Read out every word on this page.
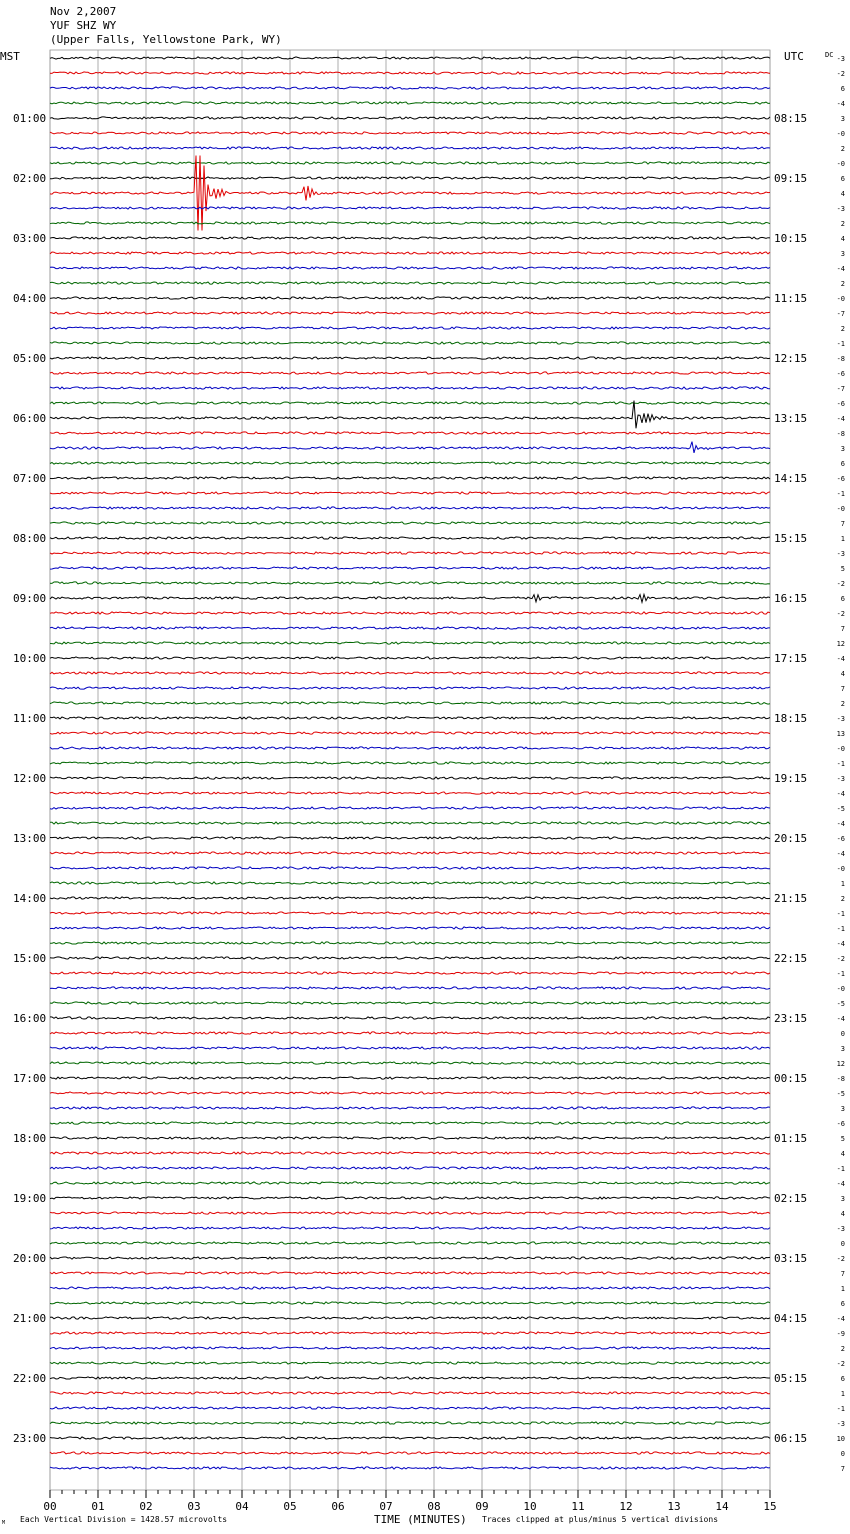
Nov 2,2007
YUF SHZ WY
(Upper Falls, Yellowstone Park, WY)
01:00
02:00
03:00
04:00
05:00
06:00
07:00
08:00
09:00
10:00
11:00
12:00
13:00
14:00
15:00
16:00
17:00
18:00
19:00
20:00
21:00
22:00
23:00
08:15
09:15
10:15
11:15
12:15
13:15
14:15
15:15
16:15
17:15
18:15
19:15
20:15
21:15
22:15
23:15
00:15
01:15
02:15
03:15
04:15
05:15
06:15
-3
-2
6
-4
3
-0
2
-0
6
4
-3
2
4
3
-4
2
-0
-7
2
-1
-8
-6
-7
-6
-4
-8
3
6
-6
-1
-0
7
1
-3
5
-2
6
-2
7
12
-4
4
7
2
-3
13
-0
-1
-3
-4
-5
-4
-6
-4
-0
1
2
-1
-1
-4
-2
-1
-0
-5
-4
0
3
12
-8
-5
3
-6
5
4
-1
-4
3
4
-3
0
-2
7
1
6
-4
-9
2
-2
6
1
-1
-3
10
0
7
00	01	02	03	04	05	06	07	08	09	10	11	12	13	14	15
MST	UTC	DC
M	TIME (MINUTES)
Each Vertical Division = 1428.57 microvolts	Traces clipped at plus/minus 5 vertical divisions
